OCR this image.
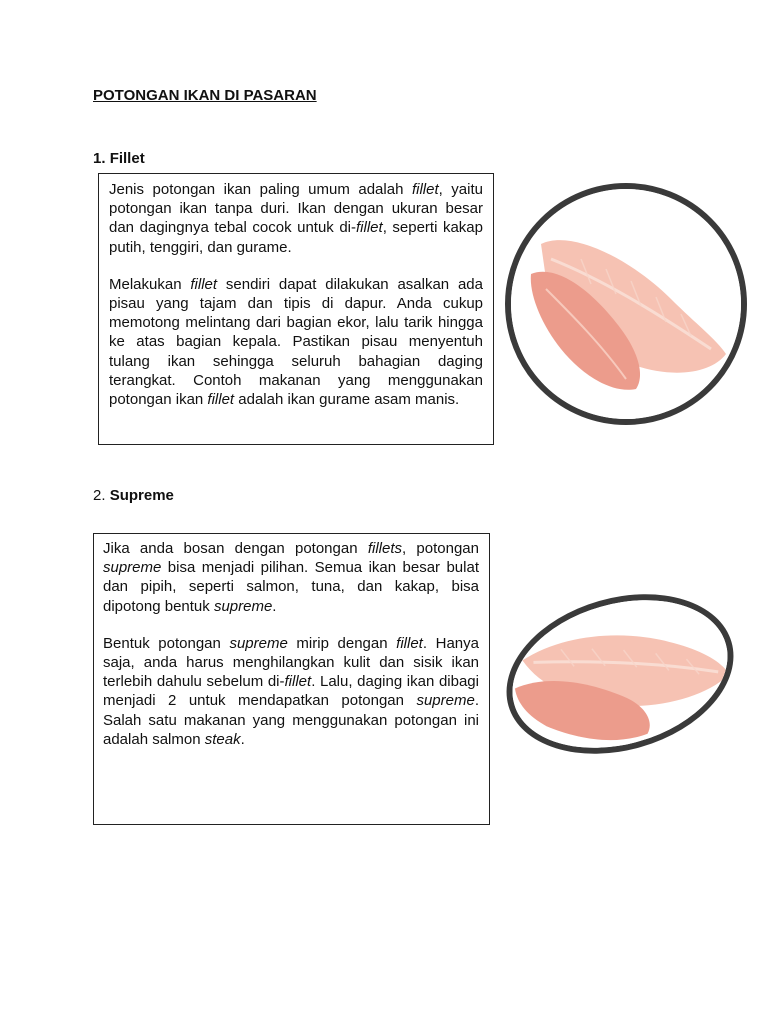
POTONGAN IKAN DI PASARAN
1. Fillet

Jenis potongan ikan paling umum adalah fillet, yaitu potongan ikan tanpa duri. Ikan dengan ukuran besar dan dagingnya tebal cocok untuk di-fillet, seperti kakap putih, tenggiri, dan gurame.

Melakukan fillet sendiri dapat dilakukan asalkan ada pisau yang tajam dan tipis di dapur. Anda cukup memotong melintang dari bagian ekor, lalu tarik hingga ke atas bagian kepala. Pastikan pisau menyentuh tulang ikan sehingga seluruh bahagian daging terangkat. Contoh makanan yang menggunakan potongan ikan fillet adalah ikan gurame asam manis.

2. Supreme

Jika anda bosan dengan potongan fillets, potongan supreme bisa menjadi pilihan. Semua ikan besar bulat dan pipih, seperti salmon, tuna, dan kakap, bisa dipotong bentuk supreme.

Bentuk potongan supreme mirip dengan fillet. Hanya saja, anda harus menghilangkan kulit dan sisik ikan terlebih dahulu sebelum di-fillet. Lalu, daging ikan dibagi menjadi 2 untuk mendapatkan potongan supreme. Salah satu makanan yang menggunakan potongan ini adalah salmon steak.
